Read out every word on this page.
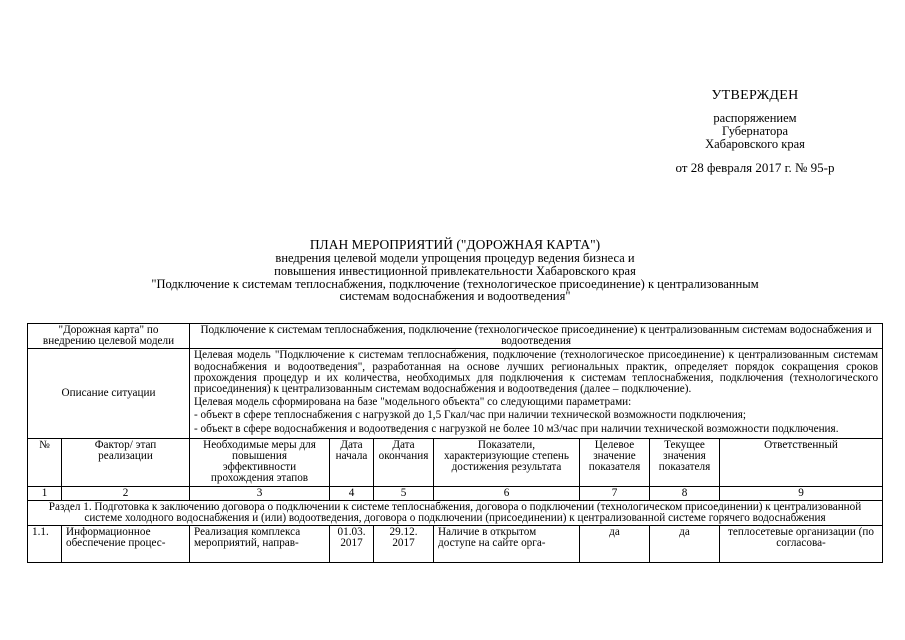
УТВЕРЖДЕН
распоряжением
Губернатора
Хабаровского края
от 28 февраля 2017 г. № 95-р
ПЛАН МЕРОПРИЯТИЙ ("ДОРОЖНАЯ КАРТА")
внедрения целевой модели упрощения процедур ведения бизнеса и
повышения инвестиционной привлекательности Хабаровского края
"Подключение к системам теплоснабжения, подключение (технологическое присоединение) к централизованным
системам водоснабжения и водоотведения"
"Дорожная карта" по внедрению целевой модели		Подключение к системам теплоснабжения, подключение (технологическое присоединение) к централизованным системам водоснабжения и водоотведения						
Описание ситуации		Целевая модель "Подключение к системам теплоснабжения, подключение (технологическое присоединение) к централизованным системам водоснабжения и водоотведения", разработанная на основе лучших региональных практик, определяет порядок сокращения сроков прохождения процедур и их количества, необходимых для подключения к системам теплоснабжения, подключения (технологического присоединения) к централизованным системам водоснабжения и водоотведения (далее – подключение).

Целевая модель сформирована на базе "модельного объекта" со следующими параметрами:

- объект в сфере теплоснабжения с нагрузкой до 1,5 Гкал/час при наличии технической возможности подключения;

- объект в сфере водоснабжения и водоотведения с нагрузкой не более 10 м3/час при наличии технической возможности подключения.						

№	Фактор/ этап реализации	Необходимые меры для повышения эффективности прохождения этапов	Дата начала	Дата окончания	Показатели, характеризующие степень достижения результата	Целевое значение показателя	Текущее значения показателя	Ответственный
1	2	3	4	5	6	7	8	9
Раздел 1. Подготовка к заключению договора о подключении к системе теплоснабжения, договора о подключении (технологическом присоединении) к централизованной системе холодного водоснабжения и (или) водоотведения, договора о подключении (присоединении) к централизованной системе горячего водоснабжения								
1.1.	Информационное обеспечение процес-	Реализация комплекса мероприятий, направ-	01.03. 2017	29.12. 2017	Наличие в открытом доступе на сайте орга-	да	да	теплосетевые организации (по согласова-
